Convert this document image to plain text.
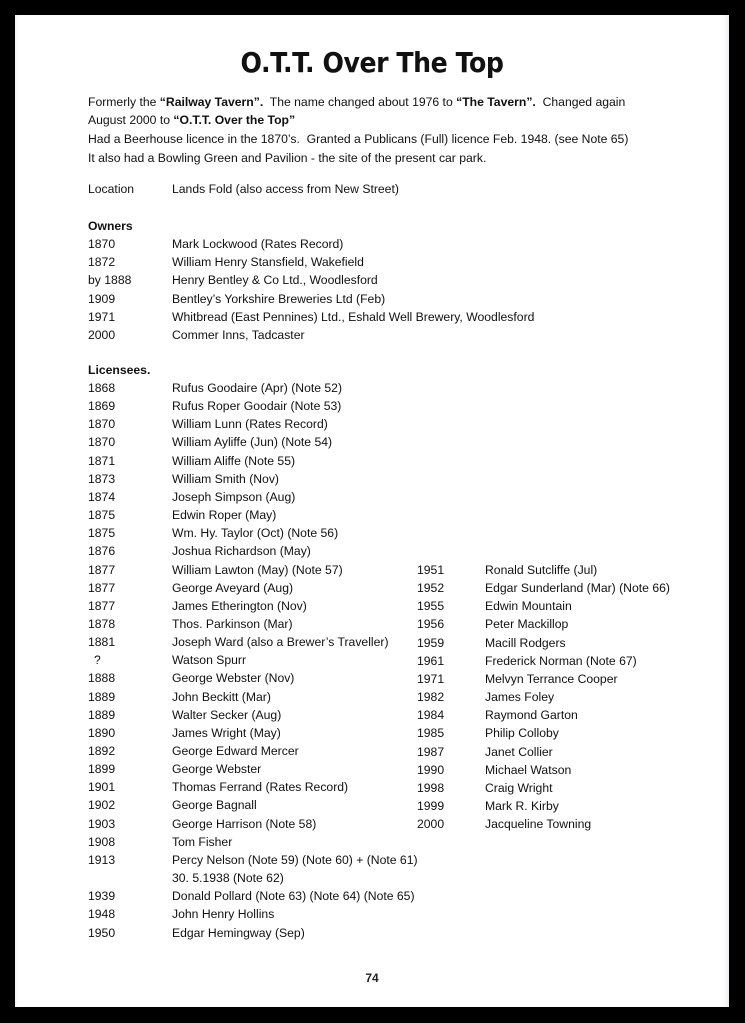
O.T.T. Over The Top

Formerly the “Railway Tavern”.  The name changed about 1976 to “The Tavern”.  Changed again

August 2000 to “O.T.T. Over the Top”

Had a Beerhouse licence in the 1870’s.  Granted a Publicans (Full) licence Feb. 1948. (see Note 65)

It also had a Bowling Green and Pavilion - the site of the present car park.

Location	Lands Fold (also access from New Street)
Owners
1870	Mark Lockwood (Rates Record)
1872	William Henry Stansfield, Wakefield
by 1888	Henry Bentley & Co Ltd., Woodlesford
1909	Bentley’s Yorkshire Breweries Ltd (Feb)
1971	Whitbread (East Pennines) Ltd., Eshald Well Brewery, Woodlesford
2000	Commer Inns, Tadcaster
Licensees.
1868	Rufus Goodaire (Apr) (Note 52)
1869	Rufus Roper Goodair (Note 53)
1870	William Lunn (Rates Record)
1870	William Ayliffe (Jun) (Note 54)
1871	William Aliffe (Note 55)
1873	William Smith (Nov)
1874	Joseph Simpson (Aug)
1875	Edwin Roper (May)
1875	Wm. Hy. Taylor (Oct) (Note 56)
1876	Joshua Richardson (May)
1877	William Lawton (May) (Note 57)
1877	George Aveyard (Aug)
1877	James Etherington (Nov)
1878	Thos. Parkinson (Mar)
1881	Joseph Ward (also a Brewer’s Traveller)
?	Watson Spurr
1888	George Webster (Nov)
1889	John Beckitt (Mar)
1889	Walter Secker (Aug)
1890	James Wright (May)
1892	George Edward Mercer
1899	George Webster
1901	Thomas Ferrand (Rates Record)
1902	George Bagnall
1903	George Harrison (Note 58)
1908	Tom Fisher
1913	Percy Nelson (Note 59) (Note 60) + (Note 61)
30. 5.1938 (Note 62)
1939	Donald Pollard (Note 63) (Note 64) (Note 65)
1948	John Henry Hollins
1950	Edgar Hemingway (Sep)
1951	Ronald Sutcliffe (Jul)
1952	Edgar Sunderland (Mar) (Note 66)
1955	Edwin Mountain
1956	Peter Mackillop
1959	Macill Rodgers
1961	Frederick Norman (Note 67)
1971	Melvyn Terrance Cooper
1982	James Foley
1984	Raymond Garton
1985	Philip Colloby
1987	Janet Collier
1990	Michael Watson
1998	Craig Wright
1999	Mark R. Kirby
2000	Jacqueline Towning
74
